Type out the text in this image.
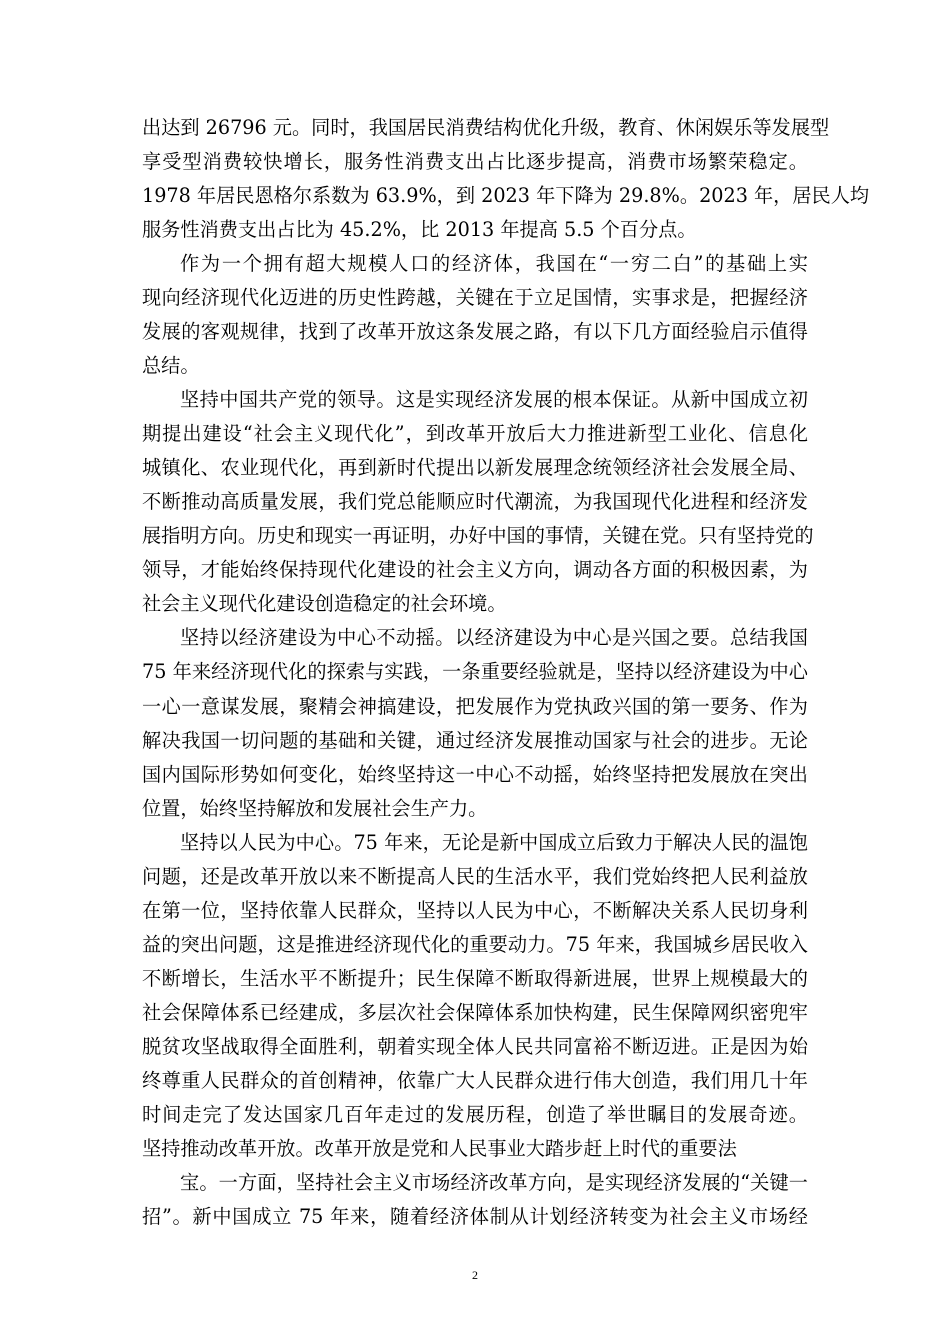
出达到 26796 元。同时，我国居民消费结构优化升级，教育、休闲娱乐等发展型
享受型消费较快增长，服务性消费支出占比逐步提高，消费市场繁荣稳定。
1978 年居民恩格尔系数为 63.9%，到 2023 年下降为 29.8%。2023 年，居民人均
服务性消费支出占比为 45.2%，比 2013 年提高 5.5 个百分点。
作为一个拥有超大规模人口的经济体，我国在“一穷二白”的基础上实
现向经济现代化迈进的历史性跨越，关键在于立足国情，实事求是，把握经济
发展的客观规律，找到了改革开放这条发展之路，有以下几方面经验启示值得
总结。
坚持中国共产党的领导。这是实现经济发展的根本保证。从新中国成立初
期提出建设“社会主义现代化”，到改革开放后大力推进新型工业化、信息化
城镇化、农业现代化，再到新时代提出以新发展理念统领经济社会发展全局、
不断推动高质量发展，我们党总能顺应时代潮流，为我国现代化进程和经济发
展指明方向。历史和现实一再证明，办好中国的事情，关键在党。只有坚持党的
领导，才能始终保持现代化建设的社会主义方向，调动各方面的积极因素，为
社会主义现代化建设创造稳定的社会环境。
坚持以经济建设为中心不动摇。以经济建设为中心是兴国之要。总结我国
75 年来经济现代化的探索与实践，一条重要经验就是，坚持以经济建设为中心
一心一意谋发展，聚精会神搞建设，把发展作为党执政兴国的第一要务、作为
解决我国一切问题的基础和关键，通过经济发展推动国家与社会的进步。无论
国内国际形势如何变化，始终坚持这一中心不动摇，始终坚持把发展放在突出
位置，始终坚持解放和发展社会生产力。
坚持以人民为中心。75 年来，无论是新中国成立后致力于解决人民的温饱
问题，还是改革开放以来不断提高人民的生活水平，我们党始终把人民利益放
在第一位，坚持依靠人民群众，坚持以人民为中心，不断解决关系人民切身利
益的突出问题，这是推进经济现代化的重要动力。75 年来，我国城乡居民收入
不断增长，生活水平不断提升；民生保障不断取得新进展，世界上规模最大的
社会保障体系已经建成，多层次社会保障体系加快构建，民生保障网织密兜牢
脱贫攻坚战取得全面胜利，朝着实现全体人民共同富裕不断迈进。正是因为始
终尊重人民群众的首创精神，依靠广大人民群众进行伟大创造，我们用几十年
时间走完了发达国家几百年走过的发展历程，创造了举世瞩目的发展奇迹。
坚持推动改革开放。改革开放是党和人民事业大踏步赶上时代的重要法
宝。一方面，坚持社会主义市场经济改革方向，是实现经济发展的“关键一
招”。新中国成立 75 年来，随着经济体制从计划经济转变为社会主义市场经
2
